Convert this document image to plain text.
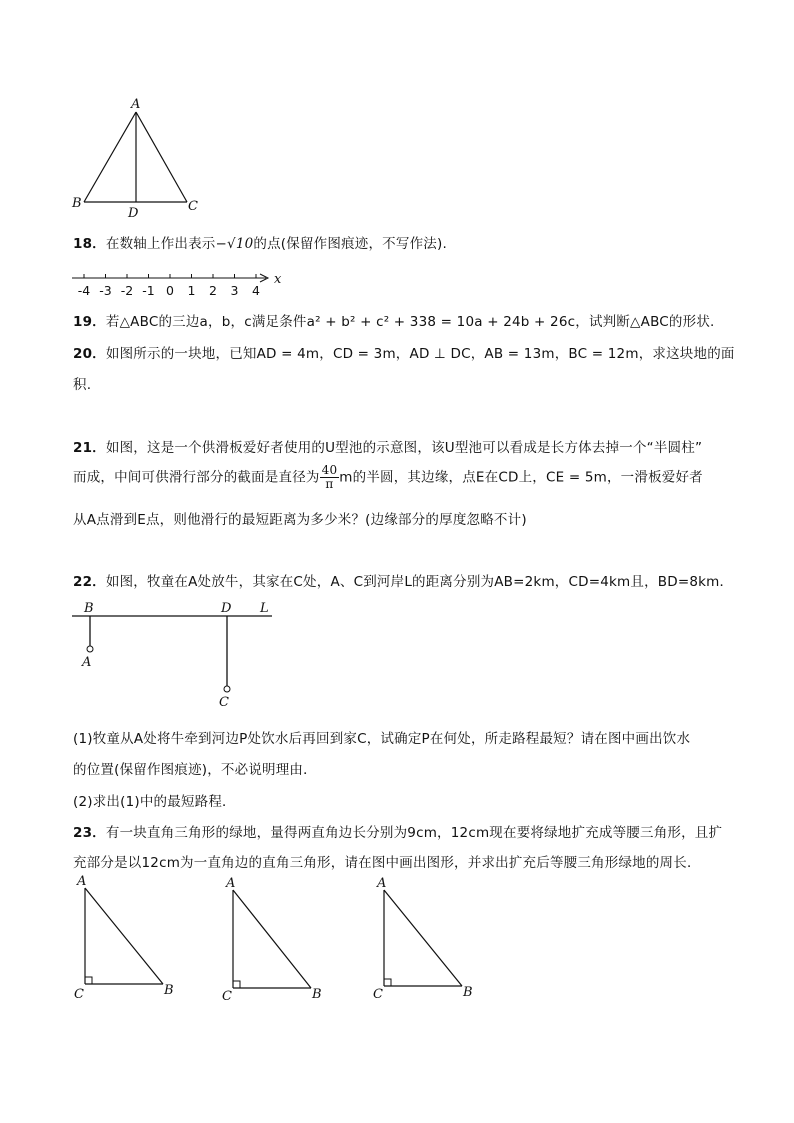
A
B	C
D
18．在数轴上作出表示−√10的点(保留作图痕迹，不写作法).
x
-4 -3 -2 -1 0 1 2 3 4
19．若△ABC的三边a，b，c满足条件a² + b² + c² + 338 = 10a + 24b + 26c，试判断△ABC的形状.
20．如图所示的一块地，已知AD = 4m，CD = 3m，AD ⊥ DC，AB = 13m，BC = 12m，求这块地的面
积.
21．如图，这是一个供滑板爱好者使用的U型池的示意图，该U型池可以看成是长方体去掉一个“半圆柱”
而成，中间可供滑行部分的截面是直径为 $\frac{40}{\pi}$ m的半圆，其边缘，点E在CD上，CE = 5m，一滑板爱好者
从A点滑到E点，则他滑行的最短距离为多少米？(边缘部分的厚度忽略不计)
22．如图，牧童在A处放牛，其家在C处，A、C到河岸L的距离分别为AB=2km，CD=4km且，BD=8km．
B	D L
A
C
(1)牧童从A处将牛牵到河边P处饮水后再回到家C，试确定P在何处，所走路程最短？请在图中画出饮水
的位置(保留作图痕迹)，不必说明理由．
(2)求出(1)中的最短路程．
23．有一块直角三角形的绿地，量得两直角边长分别为9cm，12cm现在要将绿地扩充成等腰三角形，且扩
充部分是以12cm为一直角边的直角三角形，请在图中画出图形，并求出扩充后等腰三角形绿地的周长．
A
C	B
A
C	B
A
C	B
